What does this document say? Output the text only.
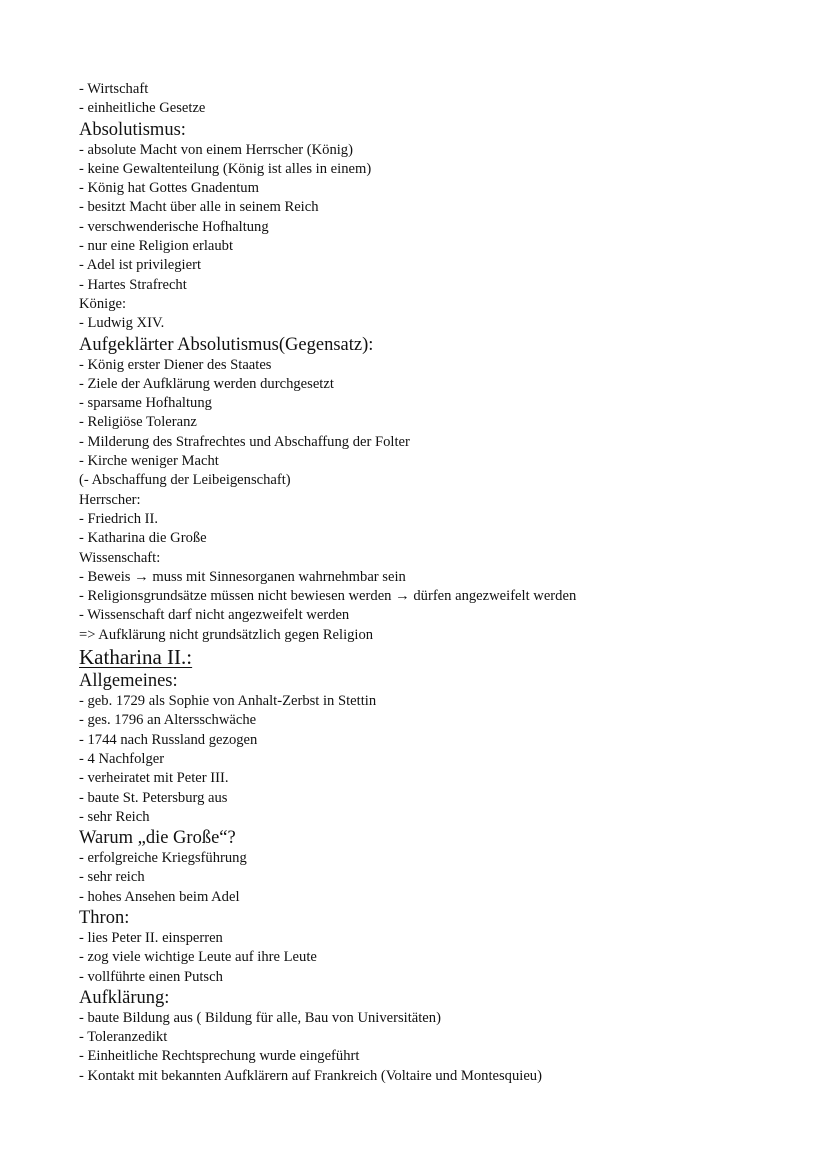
- Wirtschaft
- einheitliche Gesetze
Absolutismus:
- absolute Macht von einem Herrscher (König)
- keine Gewaltenteilung (König ist alles in einem)
- König hat Gottes Gnadentum
- besitzt Macht über alle in seinem Reich
- verschwenderische Hofhaltung
- nur eine Religion erlaubt
- Adel ist privilegiert
- Hartes Strafrecht
Könige:
- Ludwig XIV.
Aufgeklärter Absolutismus(Gegensatz):
- König erster Diener des Staates
- Ziele der Aufklärung werden durchgesetzt
- sparsame Hofhaltung
- Religiöse Toleranz
- Milderung des Strafrechtes und Abschaffung der Folter
- Kirche weniger Macht
(- Abschaffung der Leibeigenschaft)
Herrscher:
- Friedrich II.
- Katharina die Große
Wissenschaft:
- Beweis → muss mit Sinnesorganen wahrnehmbar sein
- Religionsgrundsätze müssen nicht bewiesen werden → dürfen angezweifelt werden
- Wissenschaft darf nicht angezweifelt werden
=> Aufklärung nicht grundsätzlich gegen Religion
Katharina II.:
Allgemeines:
- geb. 1729 als Sophie von Anhalt-Zerbst in Stettin
- ges. 1796 an Altersschwäche
- 1744 nach Russland gezogen
- 4 Nachfolger
- verheiratet mit Peter III.
- baute St. Petersburg aus
- sehr Reich
Warum „die Große“?
- erfolgreiche Kriegsführung
- sehr reich
- hohes Ansehen beim Adel
Thron:
- lies Peter II. einsperren
- zog viele wichtige Leute auf ihre Leute
- vollführte einen Putsch
Aufklärung:
- baute Bildung aus ( Bildung für alle, Bau von Universitäten)
- Toleranzedikt
- Einheitliche Rechtsprechung wurde eingeführt
- Kontakt mit bekannten Aufklärern auf Frankreich (Voltaire und Montesquieu)
